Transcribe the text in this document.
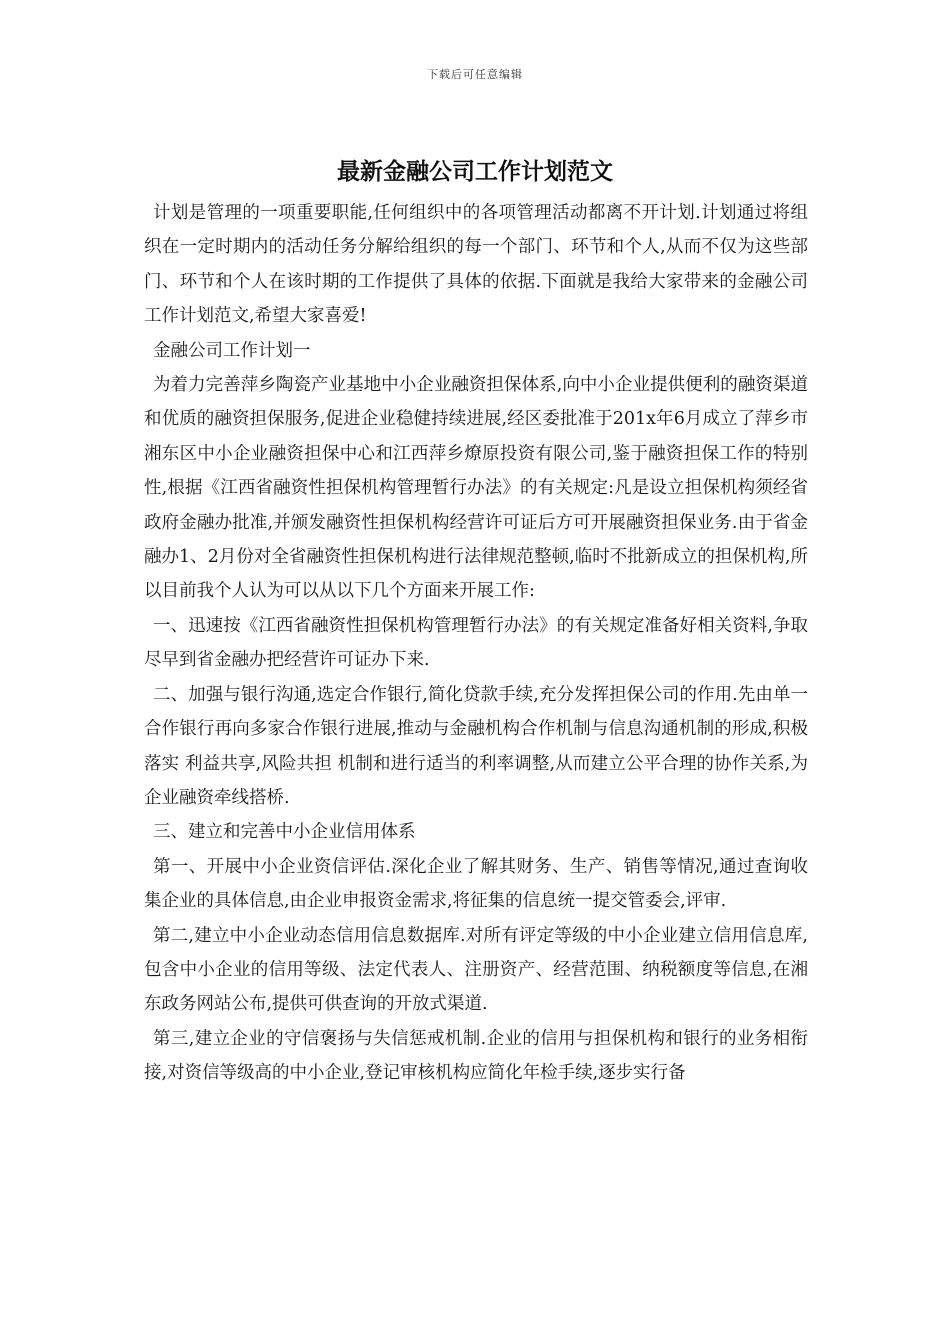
下载后可任意编辑
最新金融公司工作计划范文

计划是管理的一项重要职能,任何组织中的各项管理活动都离不开计划.计划通过将组织在一定时期内的活动任务分解给组织的每一个部门、环节和个人,从而不仅为这些部门、环节和个人在该时期的工作提供了具体的依据.下面就是我给大家带来的金融公司工作计划范文,希望大家喜爱!

金融公司工作计划一

为着力完善萍乡陶瓷产业基地中小企业融资担保体系,向中小企业提供便利的融资渠道和优质的融资担保服务,促进企业稳健持续进展,经区委批准于201x年6月成立了萍乡市湘东区中小企业融资担保中心和江西萍乡燎原投资有限公司,鉴于融资担保工作的特别性,根据《江西省融资性担保机构管理暂行办法》的有关规定:凡是设立担保机构须经省政府金融办批准,并颁发融资性担保机构经营许可证后方可开展融资担保业务.由于省金融办1、2月份对全省融资性担保机构进行法律规范整顿,临时不批新成立的担保机构,所以目前我个人认为可以从以下几个方面来开展工作:

一、迅速按《江西省融资性担保机构管理暂行办法》的有关规定准备好相关资料,争取尽早到省金融办把经营许可证办下来.

二、加强与银行沟通,选定合作银行,简化贷款手续,充分发挥担保公司的作用.先由单一合作银行再向多家合作银行进展,推动与金融机构合作机制与信息沟通机制的形成,积极落实 利益共享,风险共担 机制和进行适当的利率调整,从而建立公平合理的协作关系,为企业融资牵线搭桥.

三、建立和完善中小企业信用体系

第一、开展中小企业资信评估.深化企业了解其财务、生产、销售等情况,通过查询收集企业的具体信息,由企业申报资金需求,将征集的信息统一提交管委会,评审.

第二,建立中小企业动态信用信息数据库.对所有评定等级的中小企业建立信用信息库,包含中小企业的信用等级、法定代表人、注册资产、经营范围、纳税额度等信息,在湘东政务网站公布,提供可供查询的开放式渠道.

第三,建立企业的守信褒扬与失信惩戒机制.企业的信用与担保机构和银行的业务相衔接,对资信等级高的中小企业,登记审核机构应简化年检手续,逐步实行备
